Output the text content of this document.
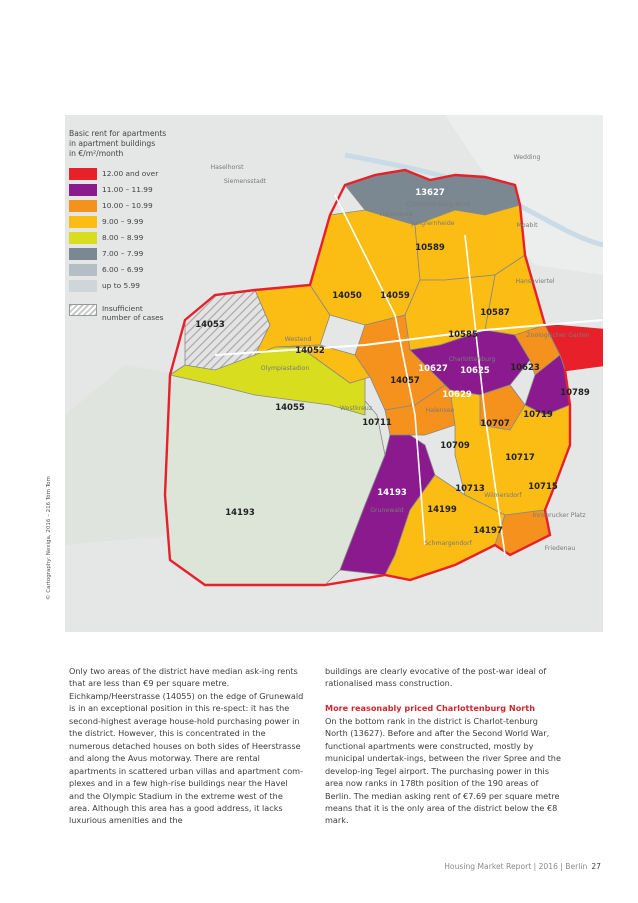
13627
10589
14050 14059
10587
14053
10585
14052
10627 10625 10623
14057
10629	10789
14055
10711	10707
10719
10709
10717
10713	10715
14193
14193	14199
14197
Haselhorst
Siemensstadt
Wedding
Moabit
Hansaviertel
Jungfernheide
Charlottenburg-Nord
Halemweg
Zoologischer Garten
Westend
Charlottenburg
Olympiastadion
Halensee
Westkreuz
Grunewald
Wilmersdorf
Schmargendorf
Innsbrucker Platz
Friedenau
© Cartography: Nexiga, 2016 – 216 Tom Tom
Basic rent for apartments
in apartment buildings
in €/m²/month
12.00 and over
11.00 – 11.99
10.00 – 10.99
9.00 – 9.99
8.00 – 8.99
7.00 – 7.99
6.00 – 6.99
up to 5.99
Insufficient
number of cases

Only two areas of the district have median ask-ing rents that are less than €9 per square metre. Eichkamp/Heerstrasse (14055) on the edge of Grunewald is in an exceptional position in this re-spect: it has the second-highest average house-hold purchasing power in the district. However, this is concentrated in the numerous detached houses on both sides of Heerstrasse and along the Avus motorway. There are rental apartments in scattered urban villas and apartment com-plexes and in a few high-rise buildings near the Havel and the Olympic Stadium in the extreme west of the area. Although this area has a good address, it lacks luxurious amenities and the

buildings are clearly evocative of the post-war ideal of rationalised mass construction.

More reasonably priced Charlottenburg North

On the bottom rank in the district is Charlot-tenburg North (13627). Before and after the Second World War, functional apartments were constructed, mostly by municipal undertak-ings, between the river Spree and the develop-ing Tegel airport. The purchasing power in this area now ranks in 178th position of the 190 areas of Berlin. The median asking rent of €7.69 per square metre means that it is the only area of the district below the €8 mark.

Housing Market Report | 2016 | Berlin 27
